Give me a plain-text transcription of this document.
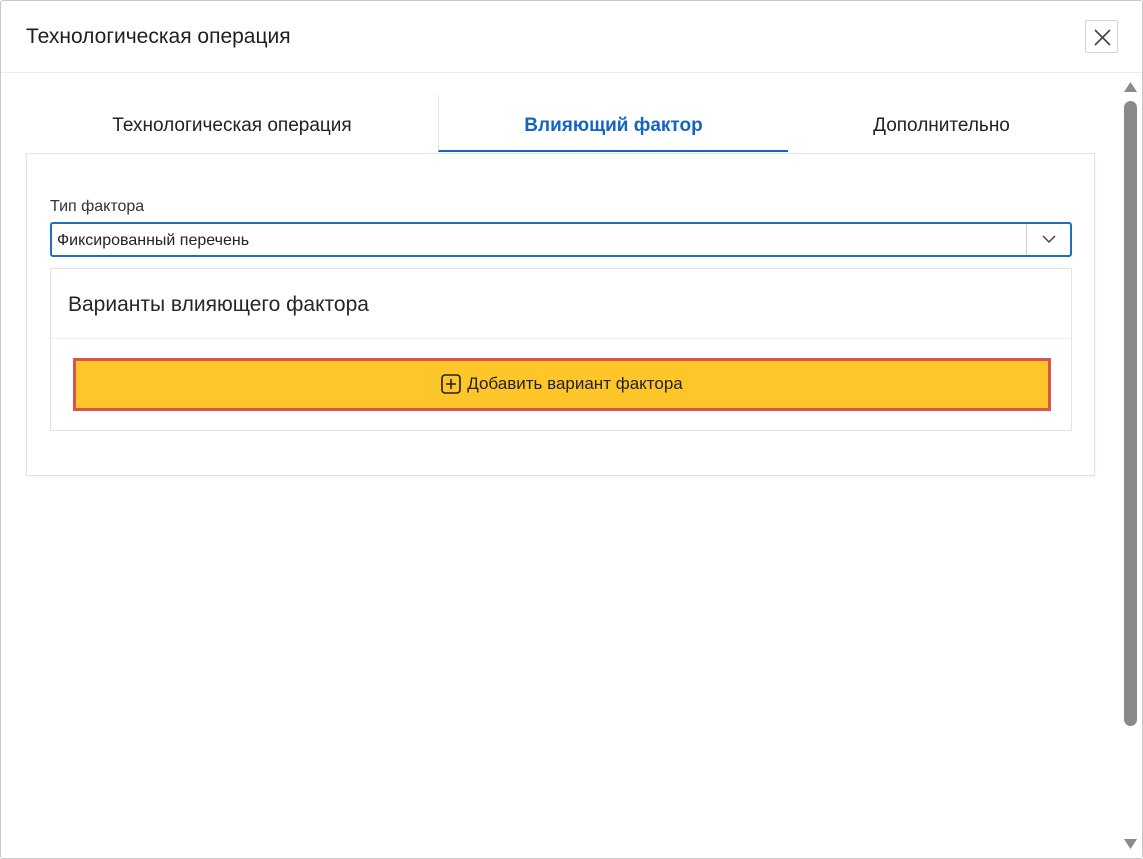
Технологическая операция
Технологическая операция	Влияющий фактор	Дополнительно
Тип фактора
Фиксированный перечень
Варианты влияющего фактора
Добавить вариант фактора
